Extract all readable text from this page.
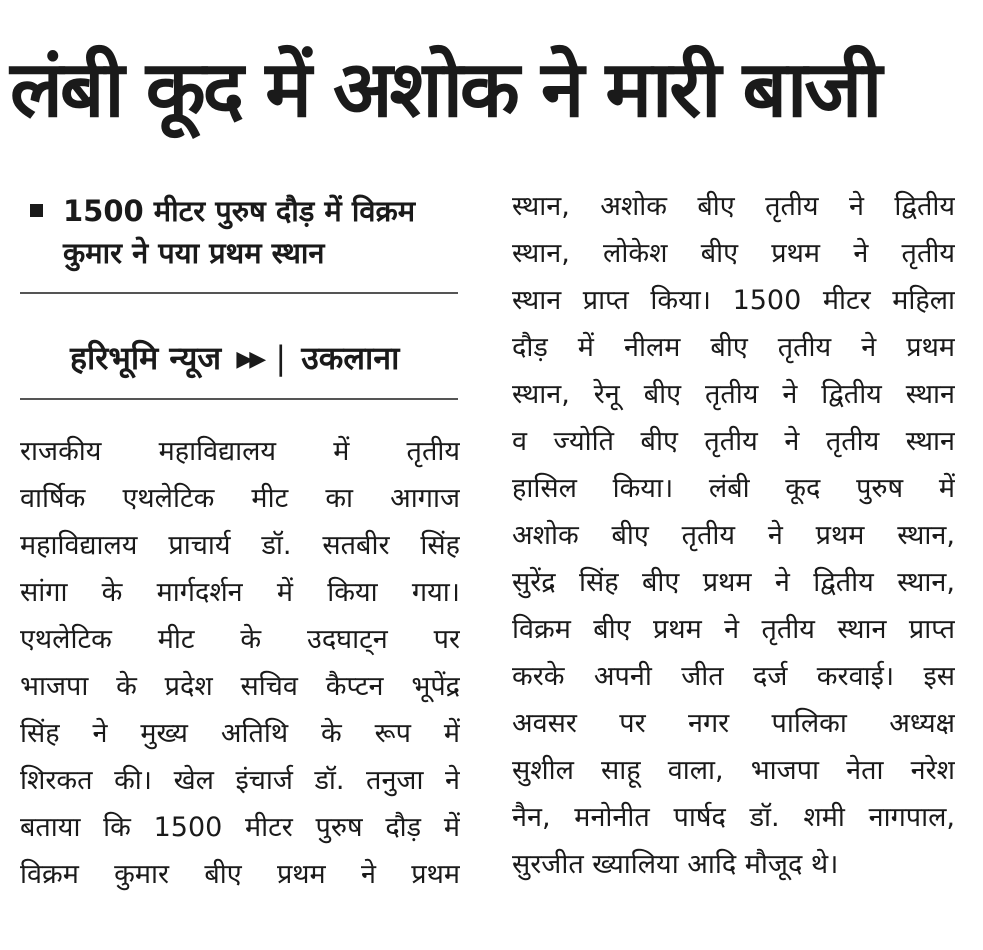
लंबी कूद में अशोक ने मारी बाजी
1500 मीटर पुरुष दौड़ में विक्रम कुमार ने पया प्रथम स्थान
हरिभूमि न्यूज ▶▶ | उकलाना
राजकीय महाविद्यालय में तृतीय
वार्षिक एथलेटिक मीट का आगाज
महाविद्यालय प्राचार्य डॉ. सतबीर सिंह
सांगा के मार्गदर्शन में किया गया।
एथलेटिक मीट के उदघाट्न पर
भाजपा के प्रदेश सचिव कैप्टन भूपेंद्र
सिंह ने मुख्य अतिथि के रूप में
शिरकत की। खेल इंचार्ज डॉ. तनुजा ने
बताया कि 1500 मीटर पुरुष दौड़ में
विक्रम कुमार बीए प्रथम ने प्रथम
स्थान, अशोक बीए तृतीय ने द्वितीय
स्थान, लोकेश बीए प्रथम ने तृतीय
स्थान प्राप्त किया। 1500 मीटर महिला
दौड़ में नीलम बीए तृतीय ने प्रथम
स्थान, रेनू बीए तृतीय ने द्वितीय स्थान
व ज्योति बीए तृतीय ने तृतीय स्थान
हासिल किया। लंबी कूद पुरुष में
अशोक बीए तृतीय ने प्रथम स्थान,
सुरेंद्र सिंह बीए प्रथम ने द्वितीय स्थान,
विक्रम बीए प्रथम ने तृतीय स्थान प्राप्त
करके अपनी जीत दर्ज करवाई। इस
अवसर पर नगर पालिका अध्यक्ष
सुशील साहू वाला, भाजपा नेता नरेश
नैन, मनोनीत पार्षद डॉ. शमी नागपाल,
सुरजीत ख्यालिया आदि मौजूद थे।
